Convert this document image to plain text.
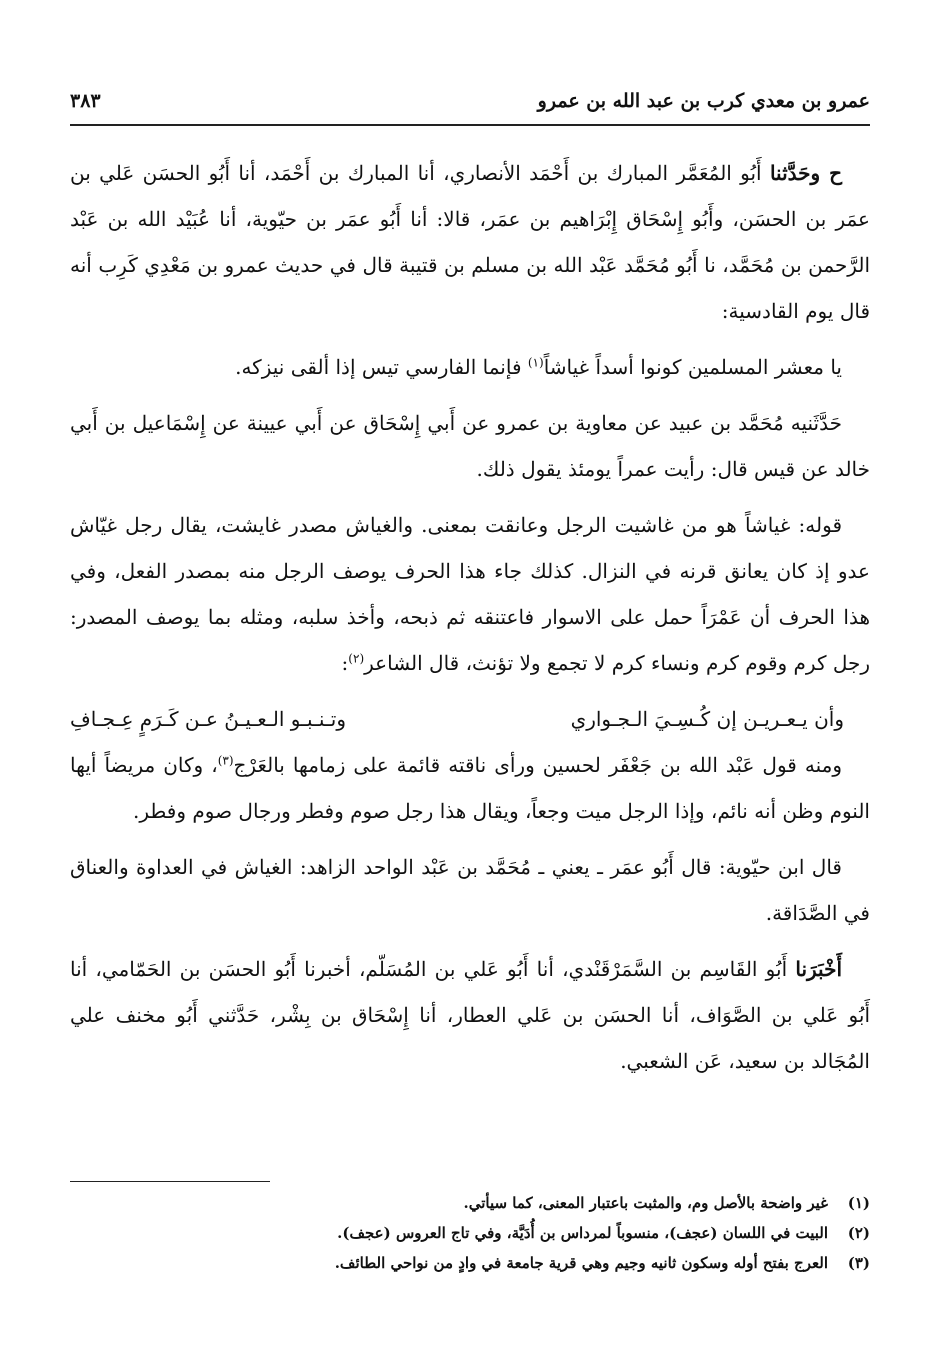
عمرو بن معدي كرب بن عبد الله بن عمرو
٣٨٣

ح وحَدَّثنا أَبُو المُعَمَّر المبارك بن أَحْمَد الأنصاري، أنا المبارك بن أَحْمَد، أنا أَبُو الحسَن عَلي بن عمَر بن الحسَن، وأَبُو إِسْحَاق إِبْرَاهيم بن عمَر، قالا: أنا أَبُو عمَر بن حيّوية، أنا عُبَيْد الله بن عَبْد الرَّحمن بن مُحَمَّد، نا أَبُو مُحَمَّد عَبْد الله بن مسلم بن قتيبة قال في حديث عمرو بن مَعْدِي كَرِب أنه قال يوم القادسية:

يا معشر المسلمين كونوا أسداً غياشاً$^{(١)}$ فإنما الفارسي تيس إذا ألقى نيزكه.

حَدَّثَنيه مُحَمَّد بن عبيد عن معاوية بن عمرو عن أَبي إِسْحَاق عن أَبي عيينة عن إِسْمَاعيل بن أَبي خالد عن قيس قال: رأيت عمراً يومئذ يقول ذلك.

قوله: غياشاً هو من غاشيت الرجل وعانقت بمعنى. والغياش مصدر غايشت، يقال رجل غيّاش عدو إذ كان يعانق قرنه في النزال. كذلك جاء هذا الحرف يوصف الرجل منه بمصدر الفعل، وفي هذا الحرف أن عَمْرَاً حمل على الاسوار فاعتنقه ثم ذبحه، وأخذ سلبه، ومثله بما يوصف المصدر: رجل كرم وقوم كرم ونساء كرم لا تجمع ولا تؤنث، قال الشاعر$^{(٢)}$:

وأن يـعـريـن إن كُـسِـيَ الـجـواري
وتـنـبـو الـعـيـنُ عـن كَـرَمٍ عِـجـافِ

ومنه قول عَبْد الله بن جَعْفَر لحسين ورأى ناقته قائمة على زمامها بالعَرْج$^{(٣)}$، وكان مريضاً أيها النوم وظن أنه نائم، وإذا الرجل ميت وجعاً، ويقال هذا رجل صوم وفطر ورجال صوم وفطر.

قال ابن حيّوية: قال أَبُو عمَر ـ يعني ـ مُحَمَّد بن عَبْد الواحد الزاهد: الغياش في العداوة والعناق في الصَّدَاقة.

أَخْبَرَنا أَبُو القَاسِم بن السَّمَرْقَنْدي، أنا أَبُو عَلي بن المُسَلّم، أخبرنا أَبُو الحسَن بن الحَمّامي، أنا أَبُو عَلي بن الصَّوَاف، أنا الحسَن بن عَلي العطار، أنا إِسْحَاق بن بِشْر، حَدَّثني أَبُو مخنف علي المُجَالد بن سعيد، عَن الشعبي.

(١)
غير واضحة بالأصل وم، والمثبت باعتبار المعنى، كما سيأتي.
(٢)
البيت في اللسان (عجف)، منسوباً لمرداس بن أُدَيَّة، وفي تاج العروس (عجف).
(٣)
العرج بفتح أوله وسكون ثانيه وجيم وهي قرية جامعة في وادٍ من نواحي الطائف.
